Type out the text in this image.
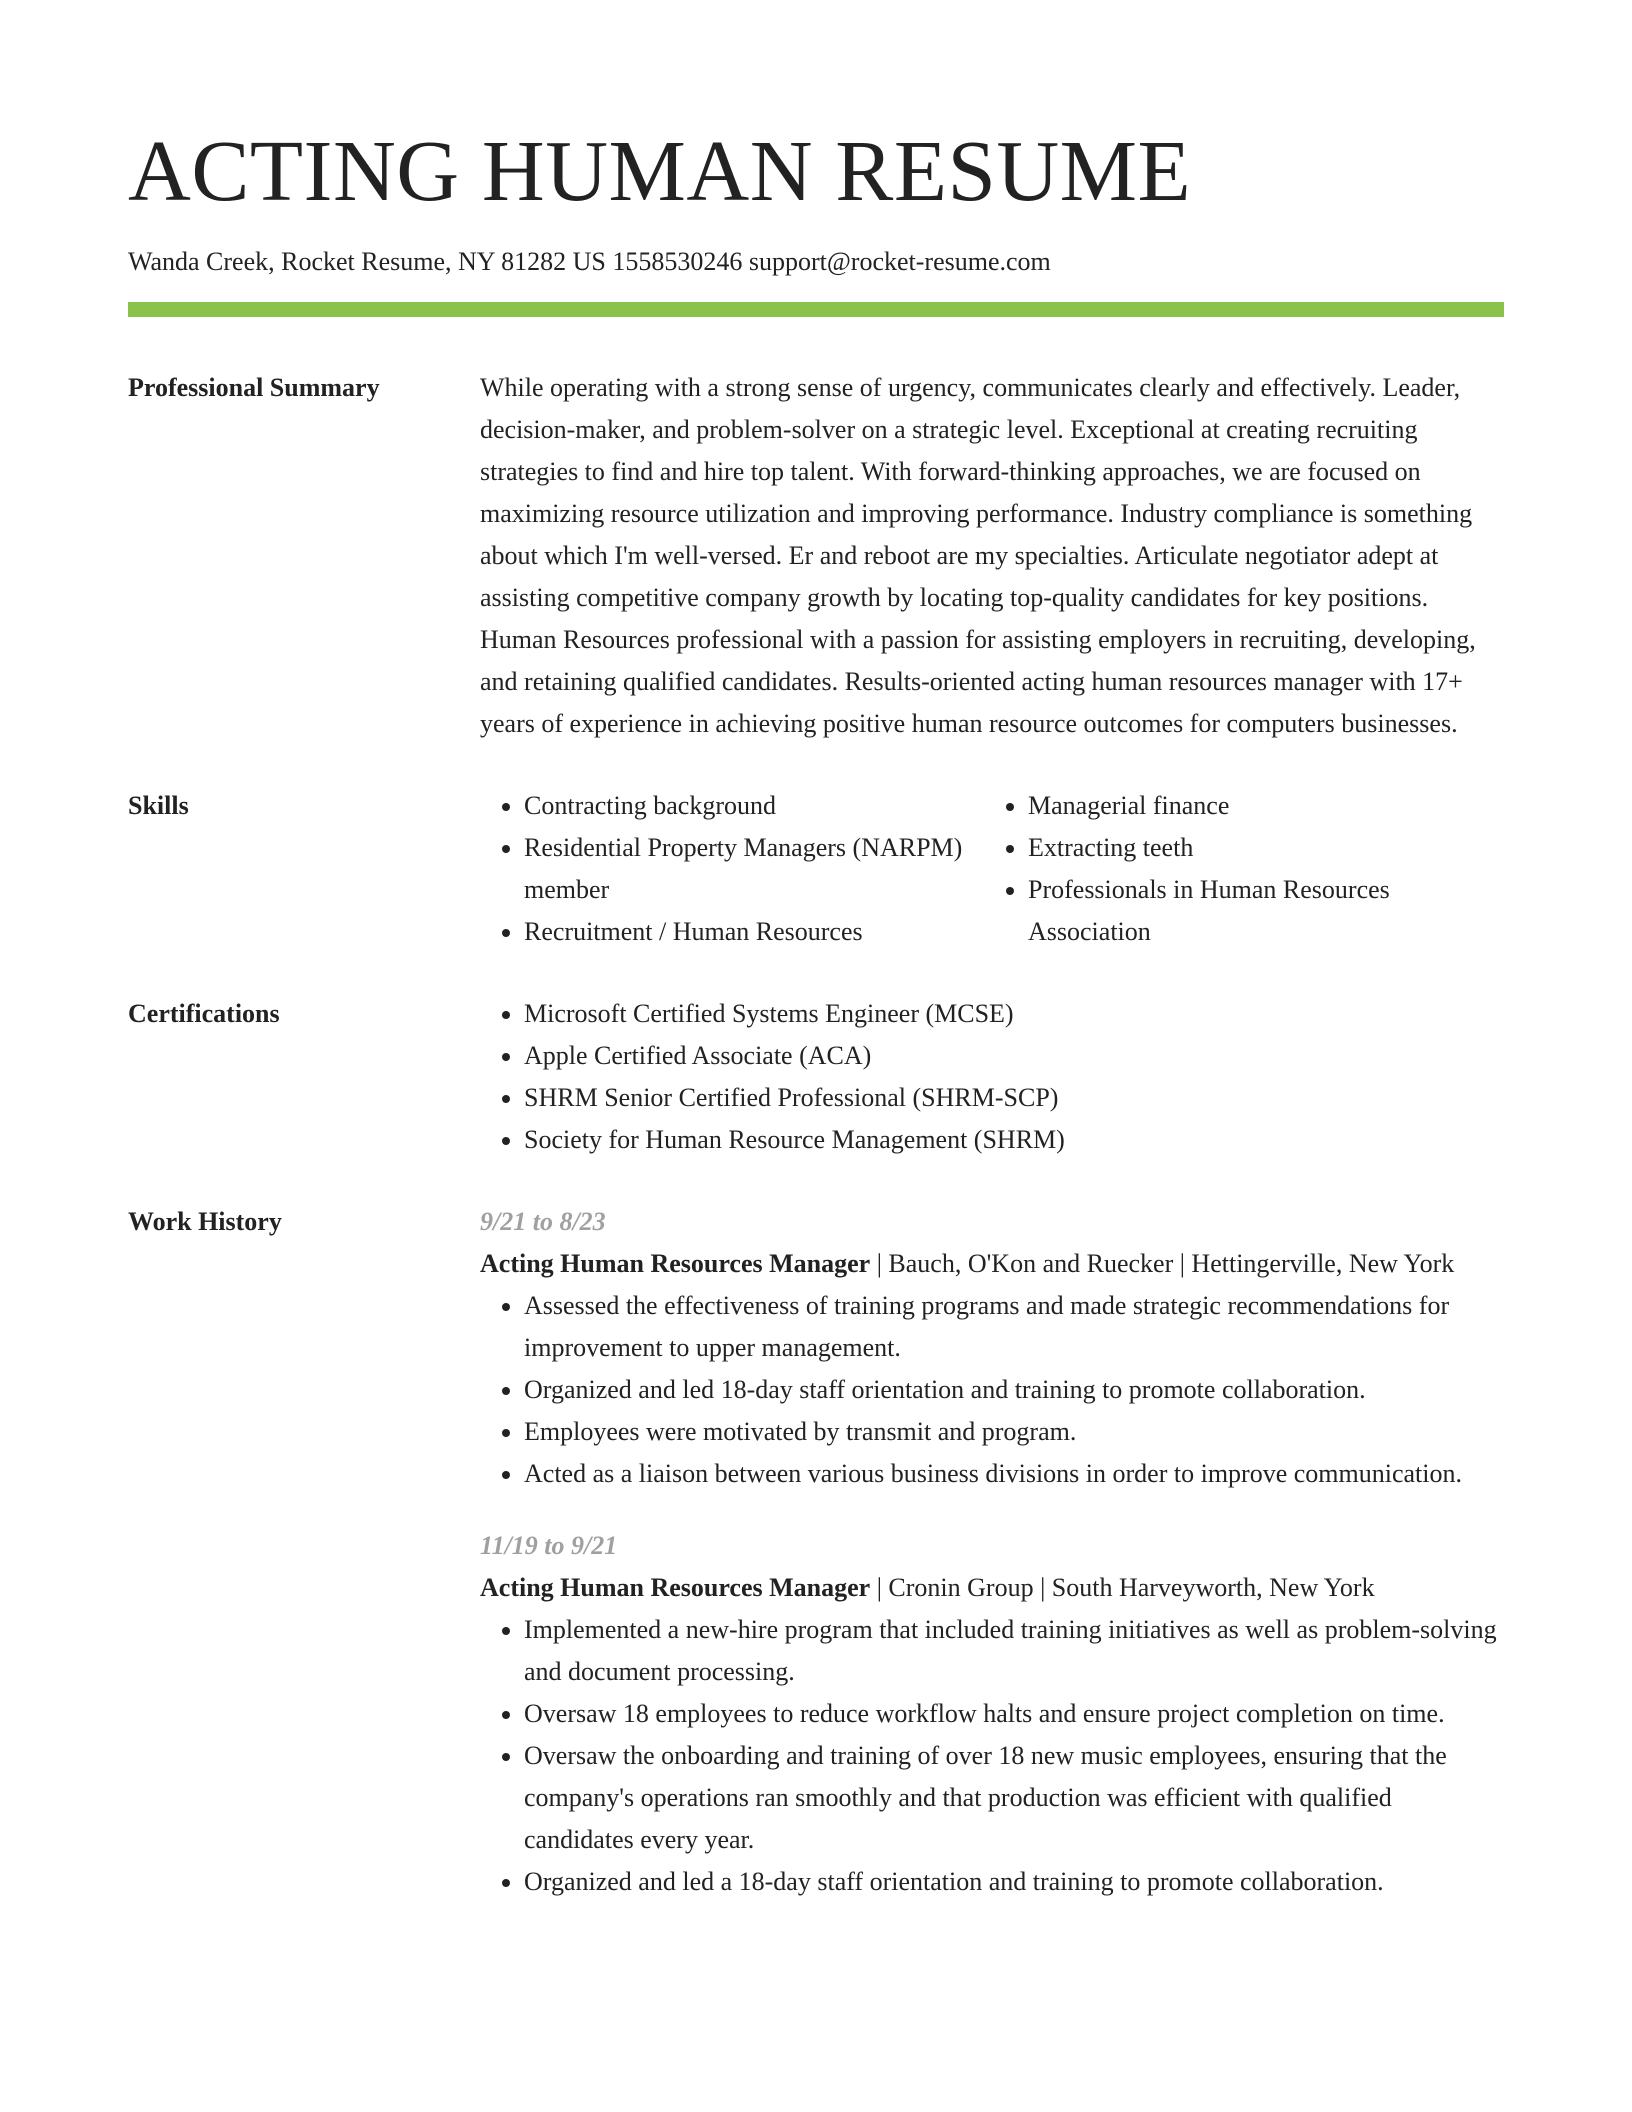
ACTING HUMAN RESUME
Wanda Creek, Rocket Resume, NY 81282 US 1558530246 support@rocket-resume.com
Professional Summary	While operating with a strong sense of urgency, communicates clearly and effectively. Leader, decision-maker, and problem-solver on a strategic level. Exceptional at creating recruiting strategies to find and hire top talent. With forward-thinking approaches, we are focused on maximizing resource utilization and improving performance. Industry compliance is something about which I'm well-versed. Er and reboot are my specialties. Articulate negotiator adept at assisting competitive company growth by locating top-quality candidates for key positions. Human Resources professional with a passion for assisting employers in recruiting, developing, and retaining qualified candidates. Results-oriented acting human resources manager with 17+ years of experience in achieving positive human resource outcomes for computers businesses.

Skills	• Contracting background
• Residential Property Managers (NARPM) member
• Recruitment / Human Resources
• Managerial finance
• Extracting teeth
• Professionals in Human Resources Association
Certifications	• Microsoft Certified Systems Engineer (MCSE)
• Apple Certified Associate (ACA)
• SHRM Senior Certified Professional (SHRM-SCP)
• Society for Human Resource Management (SHRM)
Work History	9/21 to 8/23
Acting Human Resources Manager | Bauch, O'Kon and Ruecker | Hettingerville, New York
• Assessed the effectiveness of training programs and made strategic recommendations for improvement to upper management.
• Organized and led 18-day staff orientation and training to promote collaboration.
• Employees were motivated by transmit and program.
• Acted as a liaison between various business divisions in order to improve communication.
11/19 to 9/21
Acting Human Resources Manager | Cronin Group | South Harveyworth, New York
• Implemented a new-hire program that included training initiatives as well as problem-solving and document processing.
• Oversaw 18 employees to reduce workflow halts and ensure project completion on time.
• Oversaw the onboarding and training of over 18 new music employees, ensuring that the company's operations ran smoothly and that production was efficient with qualified candidates every year.
• Organized and led a 18-day staff orientation and training to promote collaboration.
